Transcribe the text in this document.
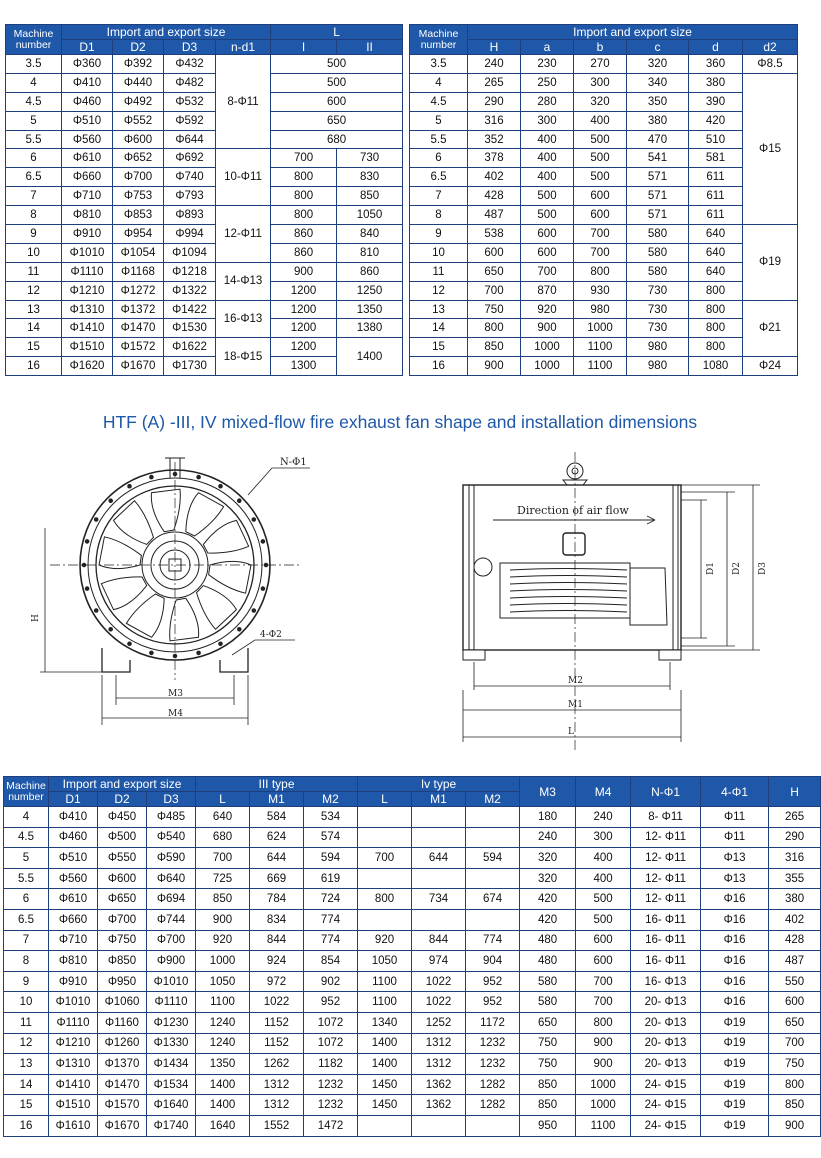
Machine number	Import and export size				L	
	D1	D2	D3	n-d1	I	II
3.5	Φ360	Φ392	Φ432	8-Φ11	500	
4	Φ410	Φ440	Φ482		500	
4.5	Φ460	Φ492	Φ532		600	
5	Φ510	Φ552	Φ592		650	
5.5	Φ560	Φ600	Φ644		680	
6	Φ610	Φ652	Φ692	10-Φ11	700	730
6.5	Φ660	Φ700	Φ740		800	830
7	Φ710	Φ753	Φ793		800	850
8	Φ810	Φ853	Φ893	12-Φ11	800	1050
9	Φ910	Φ954	Φ994		860	840
10	Φ1010	Φ1054	Φ1094		860	810
11	Φ1110	Φ1168	Φ1218	14-Φ13	900	860
12	Φ1210	Φ1272	Φ1322		1200	1250
13	Φ1310	Φ1372	Φ1422	16-Φ13	1200	1350
14	Φ1410	Φ1470	Φ1530		1200	1380
15	Φ1510	Φ1572	Φ1622	18-Φ15	1200	1400
16	Φ1620	Φ1670	Φ1730		1300	
Machine number	Import and export size					
	H	a	b	c	d	d2
3.5	240	230	270	320	360	Φ8.5
4	265	250	300	340	380	Φ15
4.5	290	280	320	350	390	
5	316	300	400	380	420	
5.5	352	400	500	470	510	
6	378	400	500	541	581	
6.5	402	400	500	571	611	
7	428	500	600	571	611	
8	487	500	600	571	611	
9	538	600	700	580	640	Φ19
10	600	600	700	580	640	
11	650	700	800	580	640	
12	700	870	930	730	800	
13	750	920	980	730	800	Φ21
14	800	900	1000	730	800	
15	850	1000	1100	980	800	
16	900	1000	1100	980	1080	Φ24
HTF (A) -III, IV mixed-flow fire exhaust fan shape and installation dimensions
H
N-Φ1
4-Φ2
M3
M4
Direction of air flow
D1 D2 D3
M2
M1
L
Machine number	Import and export size			III type			Iv type			M3	M4	N-Φ1	4-Φ1	H
	D1	D2	D3	L	M1	M2	L	M1	M2					
4	Φ410	Φ450	Φ485	640	584	534				180	240	8- Φ11	Φ11	265
4.5	Φ460	Φ500	Φ540	680	624	574				240	300	12- Φ11	Φ11	290
5	Φ510	Φ550	Φ590	700	644	594	700	644	594	320	400	12- Φ11	Φ13	316
5.5	Φ560	Φ600	Φ640	725	669	619				320	400	12- Φ11	Φ13	355
6	Φ610	Φ650	Φ694	850	784	724	800	734	674	420	500	12- Φ11	Φ16	380
6.5	Φ660	Φ700	Φ744	900	834	774				420	500	16- Φ11	Φ16	402
7	Φ710	Φ750	Φ700	920	844	774	920	844	774	480	600	16- Φ11	Φ16	428
8	Φ810	Φ850	Φ900	1000	924	854	1050	974	904	480	600	16- Φ11	Φ16	487
9	Φ910	Φ950	Φ1010	1050	972	902	1100	1022	952	580	700	16- Φ13	Φ16	550
10	Φ1010	Φ1060	Φ1110	1100	1022	952	1100	1022	952	580	700	20- Φ13	Φ16	600
11	Φ1110	Φ1160	Φ1230	1240	1152	1072	1340	1252	1172	650	800	20- Φ13	Φ19	650
12	Φ1210	Φ1260	Φ1330	1240	1152	1072	1400	1312	1232	750	900	20- Φ13	Φ19	700
13	Φ1310	Φ1370	Φ1434	1350	1262	1182	1400	1312	1232	750	900	20- Φ13	Φ19	750
14	Φ1410	Φ1470	Φ1534	1400	1312	1232	1450	1362	1282	850	1000	24- Φ15	Φ19	800
15	Φ1510	Φ1570	Φ1640	1400	1312	1232	1450	1362	1282	850	1000	24- Φ15	Φ19	850
16	Φ1610	Φ1670	Φ1740	1640	1552	1472				950	1100	24- Φ15	Φ19	900
